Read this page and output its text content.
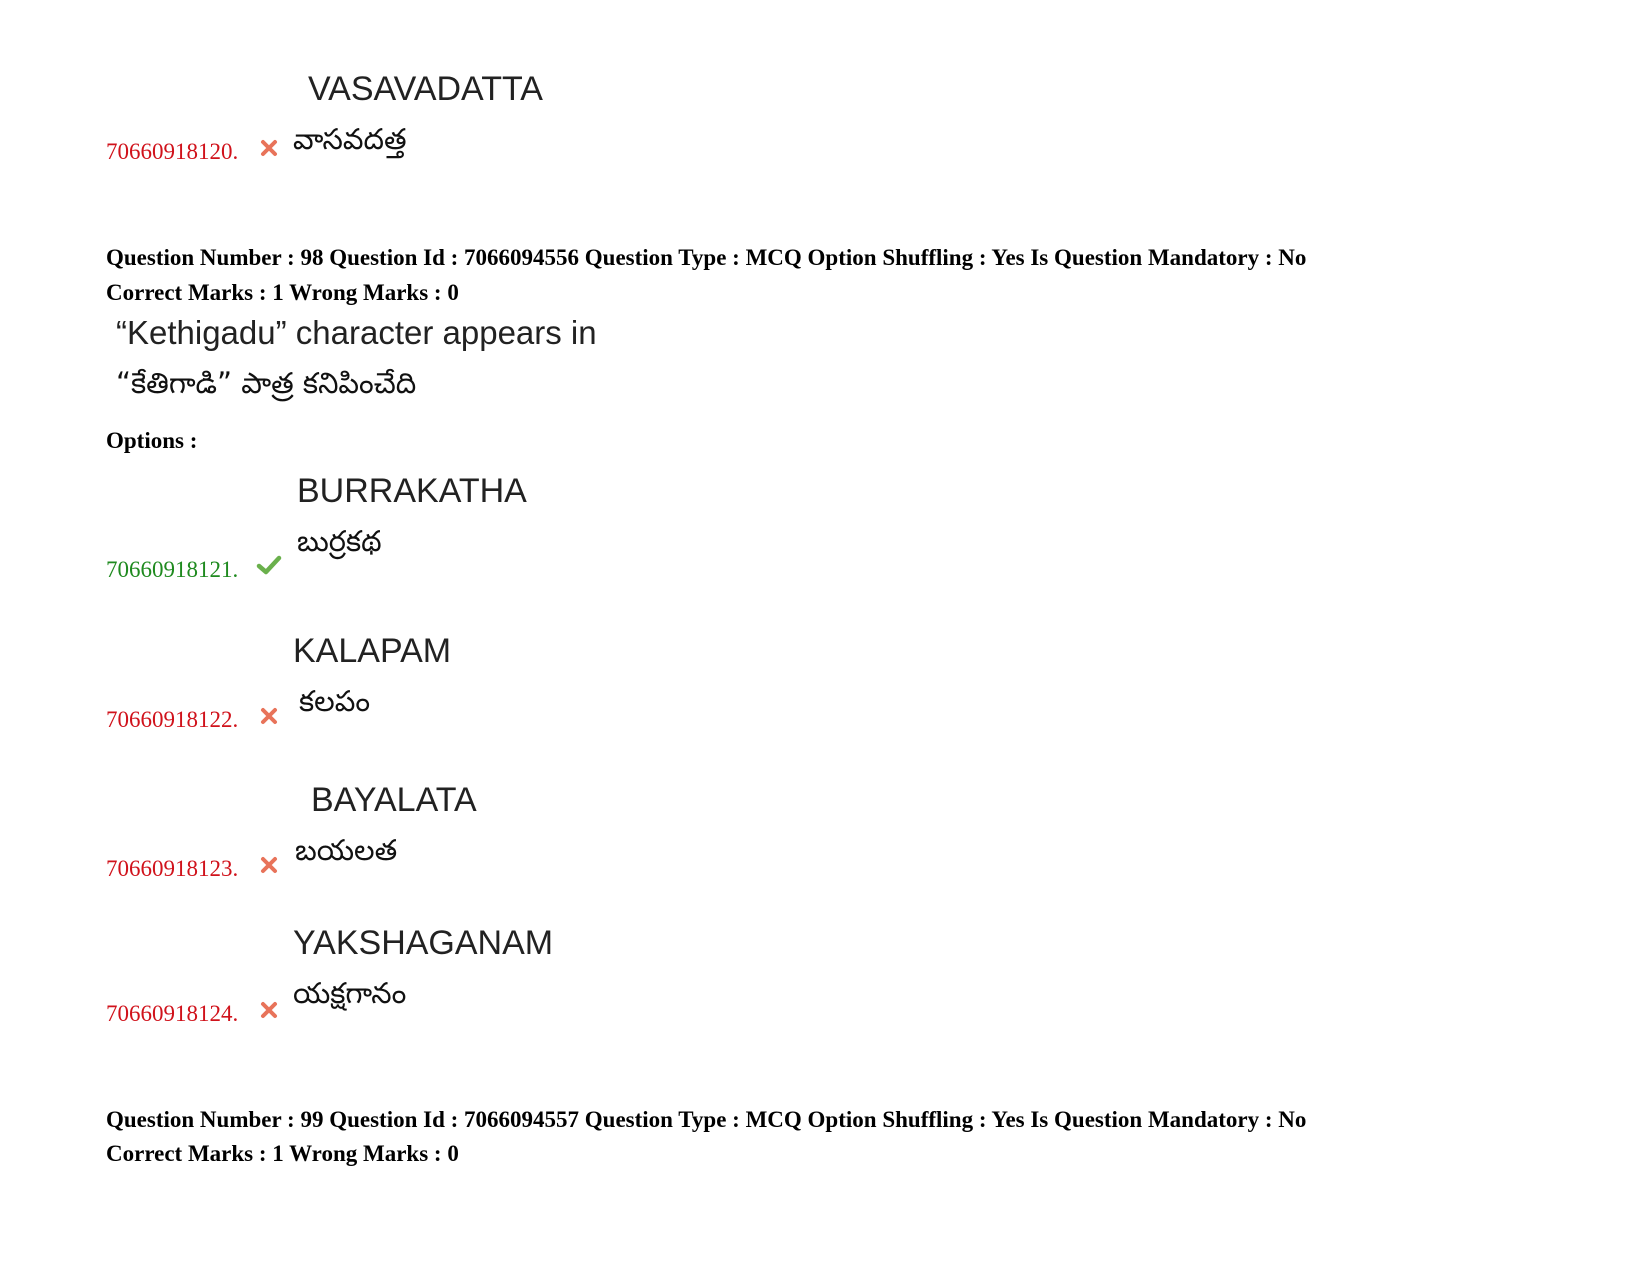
VASAVADATTA
వాసవదత్త
70660918120.
Question Number : 98 Question Id : 7066094556 Question Type : MCQ Option Shuffling : Yes Is Question Mandatory : No
Correct Marks : 1 Wrong Marks : 0
“Kethigadu” character appears in
“కేతిగాడి” పాత్ర కనిపించేది
Options :
BURRAKATHA
బుర్రకథ
70660918121.
KALAPAM
కలపం
70660918122.
BAYALATA
బయలత
70660918123.
YAKSHAGANAM
యక్షగానం
70660918124.
Question Number : 99 Question Id : 7066094557 Question Type : MCQ Option Shuffling : Yes Is Question Mandatory : No
Correct Marks : 1 Wrong Marks : 0
